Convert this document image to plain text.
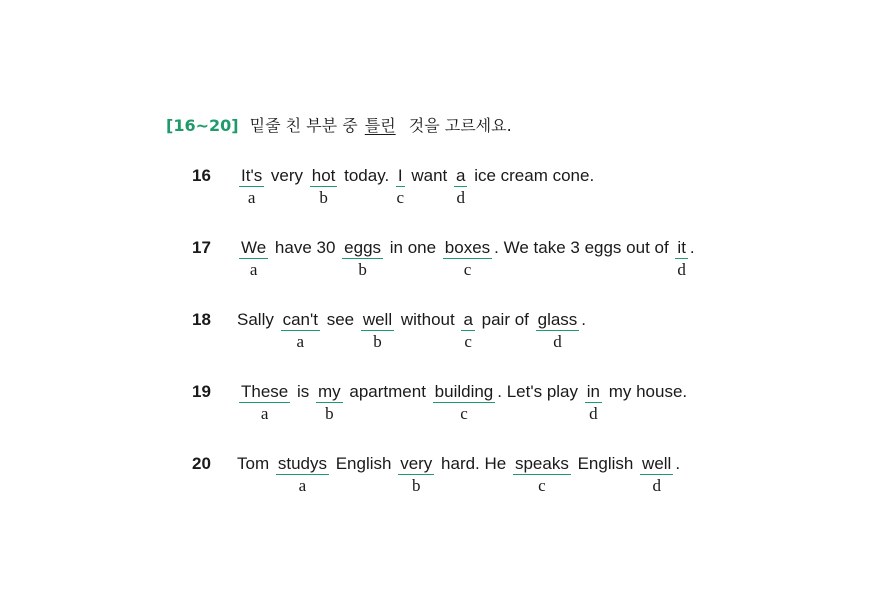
[16~20] 밑줄 친 부분 중 틀린 것을 고르세요.
16 It's
a
very hot
b
today. I
c
want a
d
ice cream cone.
17 We
a
have 30 eggs
b
in one boxes
c
. We take 3 eggs out of it
d
.
18 Sally can't
a
see well
b
without a
c
pair of glass
d
.
19 These
a
is my
b
apartment building
c
. Let's play in
d
my house.
20 Tom studys
a
English very
b
hard. He speaks
c
English well
d
.
